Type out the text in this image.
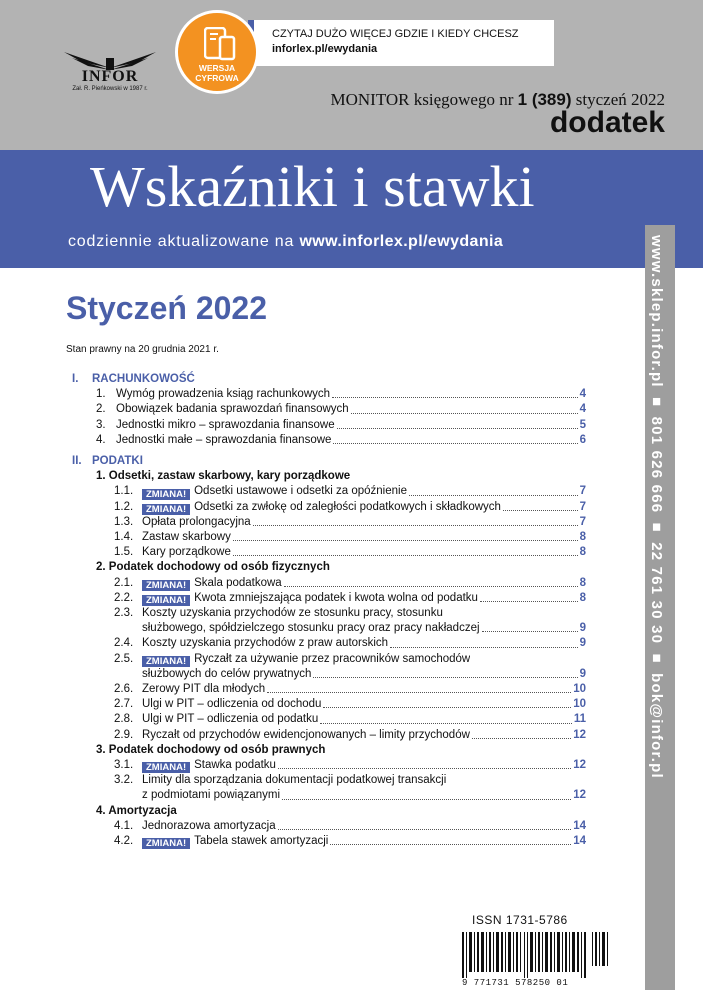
INFOR
Zał. R. Pieńkowski w 1987 r.
CZYTAJ DUŻO WIĘCEJ GDZIE I KIEDY CHCESZ
inforlex.pl/ewydania
WERSJA
CYFROWA
MONITOR księgowego nr 1 (389) styczeń 2022
dodatek
Wskaźniki i stawki
codziennie aktualizowane na www.inforlex.pl/ewydania	www.sklep.infor.pl ■ 801 626 666 ■ 22 761 30 30 ■ bok@infor.pl
Styczeń 2022
Stan prawny na 20 grudnia 2021 r.
I. RACHUNKOWOŚĆ
1. Wymóg prowadzenia ksiąg rachunkowych	4
2. Obowiązek badania sprawozdań finansowych	4
3. Jednostki mikro – sprawozdania finansowe	5
4. Jednostki małe – sprawozdania finansowe	6
II. PODATKI
1. Odsetki, zastaw skarbowy, kary porządkowe
1.1.	ZMIANA! Odsetki ustawowe i odsetki za opóźnienie	7
1.2.	ZMIANA! Odsetki za zwłokę od zaległości podatkowych i składkowych	7
1.3. Opłata prolongacyjna	7
1.4. Zastaw skarbowy	8
1.5. Kary porządkowe	8
2. Podatek dochodowy od osób fizycznych
2.1.	ZMIANA! Skala podatkowa	8
2.2.	ZMIANA! Kwota zmniejszająca podatek i kwota wolna od podatku	8
2.3. Koszty uzyskania przychodów ze stosunku pracy, stosunku
służbowego, spółdzielczego stosunku pracy oraz pracy nakładczej	9
2.4. Koszty uzyskania przychodów z praw autorskich	9
2.5.	ZMIANA! Ryczałt za używanie przez pracowników samochodów
służbowych do celów prywatnych	9
2.6. Zerowy PIT dla młodych	10
2.7. Ulgi w PIT – odliczenia od dochodu	10
2.8. Ulgi w PIT – odliczenia od podatku	11
2.9. Ryczałt od przychodów ewidencjonowanych – limity przychodów	12
3. Podatek dochodowy od osób prawnych
3.1.	ZMIANA! Stawka podatku	12
3.2. Limity dla sporządzania dokumentacji podatkowej transakcji
z podmiotami powiązanymi	12
4. Amortyzacja
4.1. Jednorazowa amortyzacja	14
4.2.	ZMIANA! Tabela stawek amortyzacji	14
ISSN 1731-5786
9 771731 578250 01
